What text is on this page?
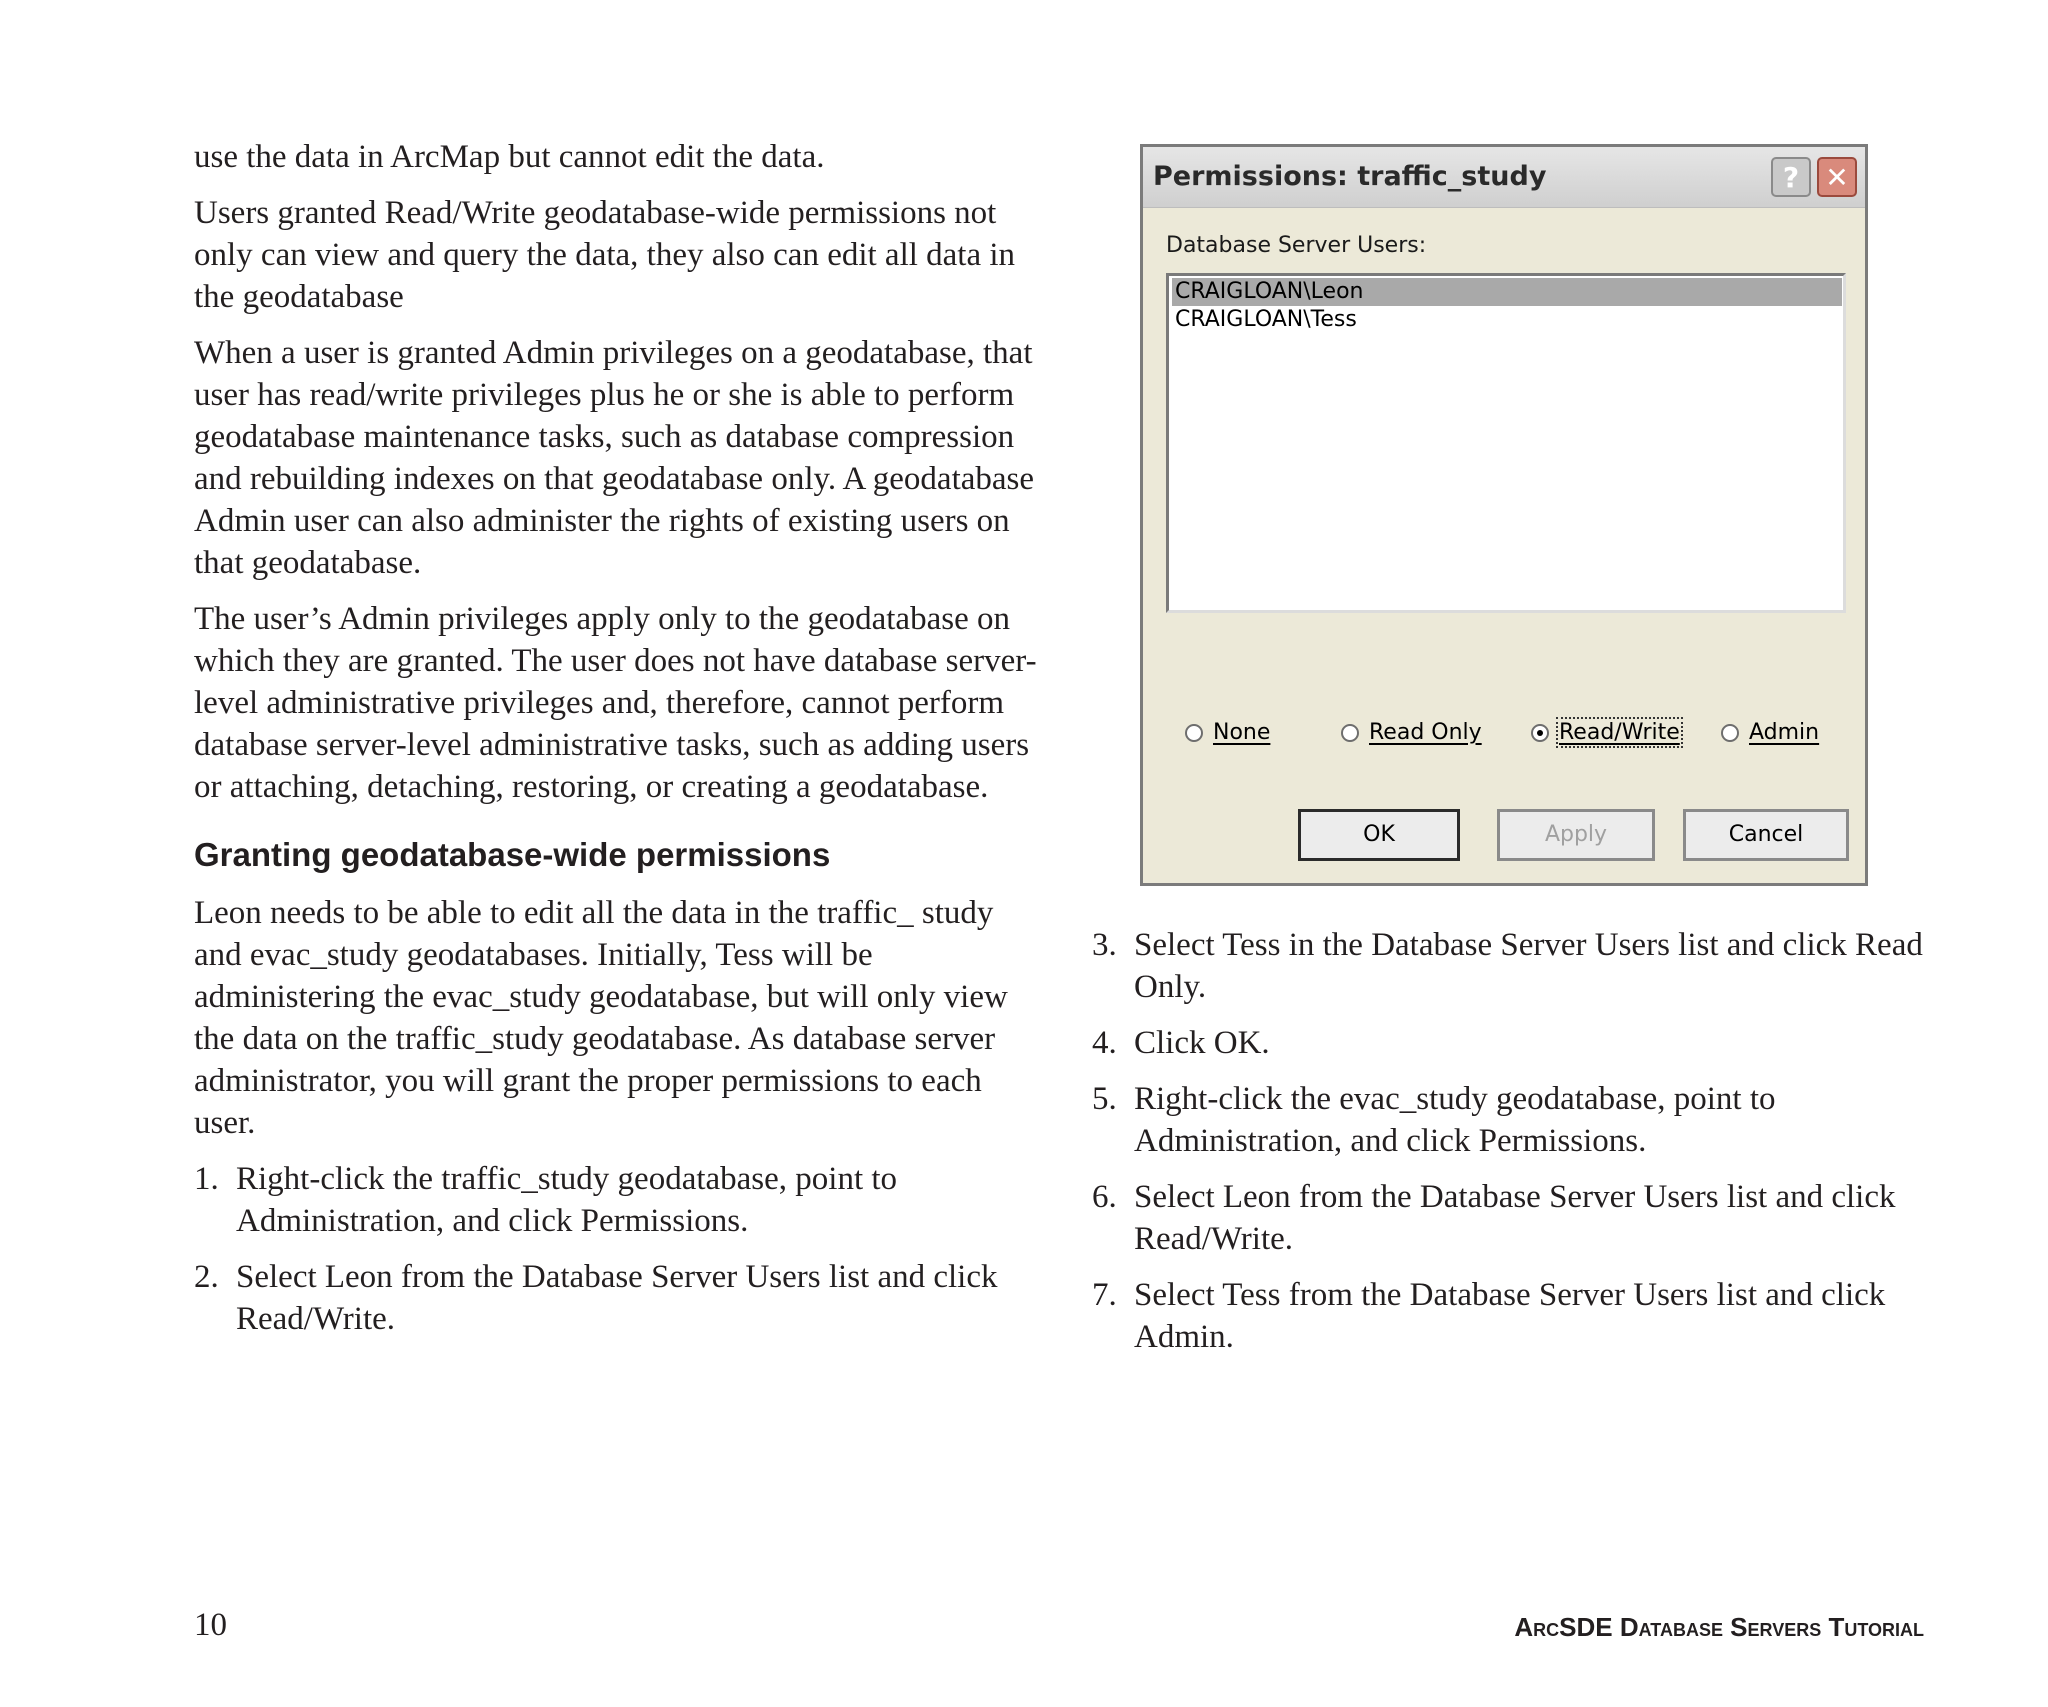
use the data in ArcMap but cannot edit the data.

Users granted Read/Write geodatabase-wide permissions not only can view and query the data, they also can edit all data in the geodatabase

When a user is granted Admin privileges on a geodatabase, that user has read/write privileges plus he or she is able to perform geodatabase maintenance tasks, such as database compression and rebuilding indexes on that geodatabase only. A geodatabase Admin user can also administer the rights of existing users on that geodatabase.

The user’s Admin privileges apply only to the geodatabase on which they are granted. The user does not have database server-level administrative privileges and, therefore, cannot perform database server-level administrative tasks, such as adding users or attaching, detaching, restoring, or creating a geodatabase.

Granting geodatabase-wide permissions

Leon needs to be able to edit all the data in the traffic_ study and evac_study geodatabases. Initially, Tess will be administering the evac_study geodatabase, but will only view the data on the traffic_study geodatabase. As database server administrator, you will grant the proper permissions to each user.

1. Right-click the traffic_study geodatabase, point to Administration, and click Permissions.
2. Select Leon from the Database Server Users list and click Read/Write.
Permissions: traffic_study	? ✕
Database Server Users:
CRAIGLOAN\Leon
CRAIGLOAN\Tess
None	Read Only	Read/Write	Admin
OK	Apply	Cancel
3. Select Tess in the Database Server Users list and click Read Only.
4. Click OK.
5. Right-click the evac_study geodatabase, point to Administration, and click Permissions.
6. Select Leon from the Database Server Users list and click Read/Write.
7. Select Tess from the Database Server Users list and click Admin.
10	ArcSDE Database Servers Tutorial
